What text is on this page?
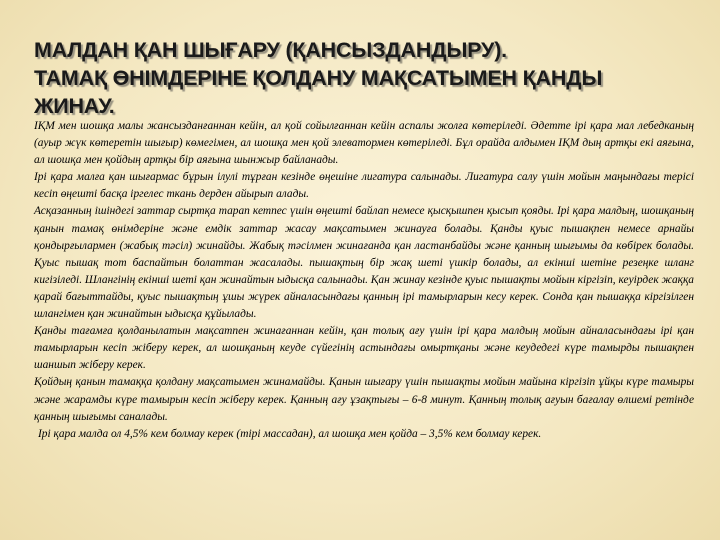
МАЛДАН ҚАН ШЫҒАРУ (ҚАНСЫЗДАНДЫРУ).
ТАМАҚ ӨНІМДЕРІНЕ ҚОЛДАНУ МАҚСАТЫМЕН ҚАНДЫ
ЖИНАУ.

ІҚМ мен шошқа малы жансызданғаннан кейін, ал қой сойылғаннан кейін аспалы жолға көтеріледі. Әдетте ірі қара мал лебедканың (ауыр жүк көтеретін шығыр) көмегімен, ал шошқа мен қой элеватормен көтеріледі. Бұл орайда алдымен ІҚМ дың артқы екі аяғына, ал шошқа мен қойдың артқы бір аяғына шынжыр байланады.

Ірі қара малға қан шығармас бұрын ілулі тұрған кезінде өңешіне лигатура салынады. Лигатура салу үшін мойын маңындағы терісі кесіп өңешті басқа іргелес ткань дерден айырып алады.

Асқазанның ішіндегі заттар сыртқа тарап кетпес үшін өңешті байлап немесе қысқышпен қысып қояды. Ірі қара малдың, шошқаның қанын тамақ өнімдеріне және емдік заттар жасау мақсатымен жинауға болады. Қанды қуыс пышақпен немесе арнайы қондырғылармен (жабық тәсіл) жинайды. Жабық тәсілмен жинағанда қан ластанбайды және қанның шығымы да көбірек болады. Қуыс пышақ тот баспайтын болаттан жасалады. пышақтың бір жақ шеті үшкір болады, ал екінші шетіне резеңке шланг кигізіледі. Шлангінің екінші шеті қан жинайтын ыдысқа салынады. Қан жинау кезінде қуыс пышақты мойын кіргізіп, кеуірдек жаққа қарай бағыттайды, қуыс пышақтың ұшы жүрек айналасындағы қанның ірі тамырларын кесу керек. Сонда қан пышаққа кіргізілген шлангімен қан жинайтын ыдысқа құйылады.

Қанды тағамға қолданылатын мақсатпен жинағаннан кейін, қан толық ағу үшін ірі қара малдың мойын айналасындағы ірі қан тамырларын кесіп жіберу керек, ал шошқаның кеуде сүйегінің астындағы омыртқаны және кеудедегі күре тамырды пышақпен шаншып жіберу керек.

Қойдың қанын тамаққа қолдану мақсатымен жинамайды. Қанын шығару үшін пышақты мойын майына кіргізіп ұйқы күре тамыры және жарамды күре тамырын кесіп жіберу керек. Қанның ағу ұзақтығы – 6-8 минут. Қанның толық ағуын бағалау өлшемі ретінде қанның шығымы саналады.

Ірі қара малда ол 4,5% кем болмау керек (тірі массадан), ал шошқа мен қойда – 3,5% кем болмау керек.
